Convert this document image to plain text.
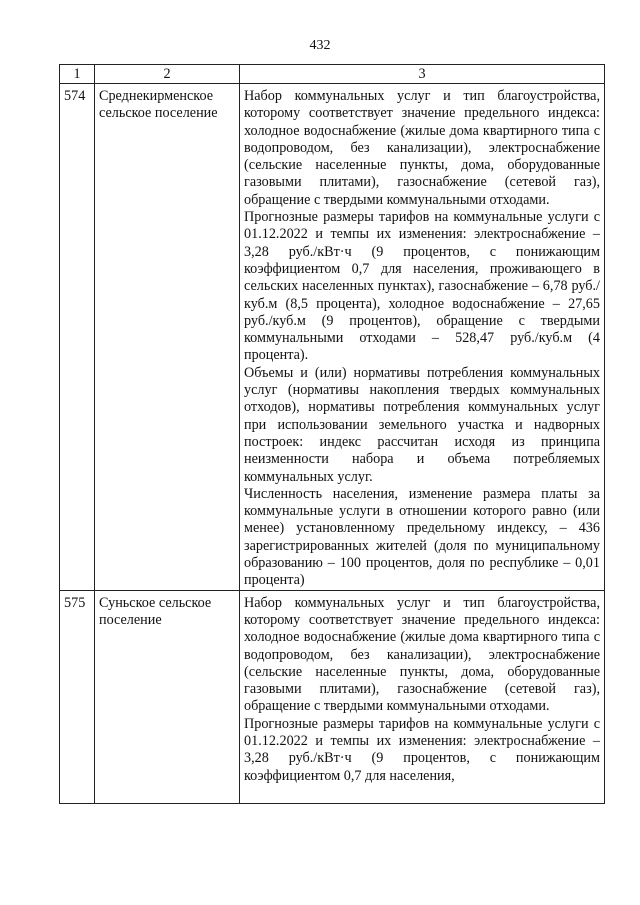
432
1	2	3
574	Среднекирменское сельское поселение	Набор коммунальных услуг и тип благоустройства, которому соответствует значение предельного индекса: холодное водоснабжение (жилые дома квартирного типа с водопроводом, без канализации), электроснабжение (сельские населенные пункты, дома, оборудованные газовыми плитами), газоснабжение (сетевой газ), обращение с твердыми коммунальными отходами.

Прогнозные размеры тарифов на коммунальные услуги с 01.12.2022 и темпы их изменения: электроснабжение – 3,28 руб./кВт·ч (9 процентов, с понижающим коэффициентом 0,7 для населения, проживающего в сельских населенных пунктах), газоснабжение – 6,78 руб./куб.м (8,5 процента), холодное водоснабжение – 27,65 руб./куб.м (9 процентов), обращение с твердыми коммунальными отходами – 528,47 руб./куб.м (4 процента).

Объемы и (или) нормативы потребления коммунальных услуг (нормативы накопления твердых коммунальных отходов), нормативы потребления коммунальных услуг при использовании земельного участка и надворных построек: индекс рассчитан исходя из принципа неизменности набора и объема потребляемых коммунальных услуг.

Численность населения, изменение размера платы за коммунальные услуги в отношении которого равно (или менее) установленному предельному индексу, – 436 зарегистрированных жителей (доля по муниципальному образованию – 100 процентов, доля по республике – 0,01 процента)

575	Суньское сельское поселение	Набор коммунальных услуг и тип благоустройства, которому соответствует значение предельного индекса: холодное водоснабжение (жилые дома квартирного типа с водопроводом, без канализации), электроснабжение (сельские населенные пункты, дома, оборудованные газовыми плитами), газоснабжение (сетевой газ), обращение с твердыми коммунальными отходами.

Прогнозные размеры тарифов на коммунальные услуги с 01.12.2022 и темпы их изменения: электроснабжение – 3,28 руб./кВт·ч (9 процентов, с понижающим коэффициентом 0,7 для населения,
